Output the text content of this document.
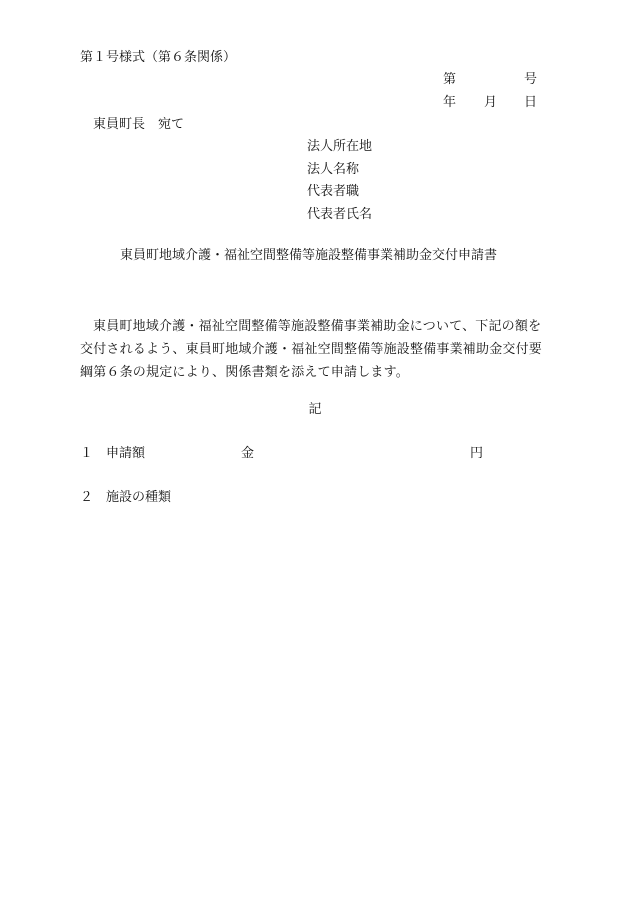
第１号様式（第６条関係）
第	号
年 月 日
東員町長 宛て
法人所在地
法人名称
代表者職
代表者氏名
東員町地域介護・福祉空間整備等施設整備事業補助金交付申請書
東員町地域介護・福祉空間整備等施設整備事業補助金について、下記の額を交付されるよう、東員町地域介護・福祉空間整備等施設整備事業補助金交付要綱第６条の規定により、関係書類を添えて申請します。
記
１ 申請額	金	円
２ 施設の種類
